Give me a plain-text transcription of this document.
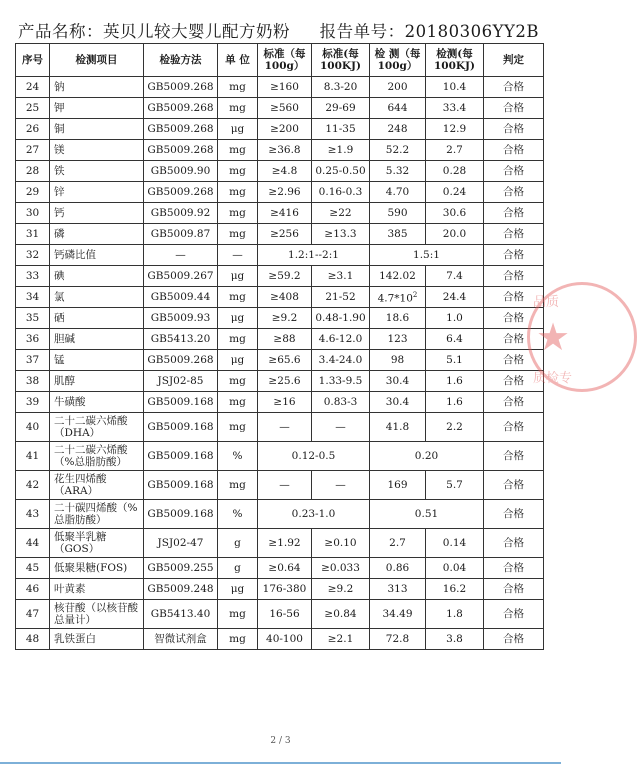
产品名称：英贝儿较大婴儿配方奶粉 报告单号：20180306YY2B
序号	检测项目	检验方法	单 位	标准（每100g）	标准(每100KJ)	检 测（每100g）	检测(每100KJ)	判定
24	钠	GB5009.268	mg	≥160	8.3-20	200	10.4	合格
25	钾	GB5009.268	mg	≥560	29-69	644	33.4	合格
26	铜	GB5009.268	μg	≥200	11-35	248	12.9	合格
27	镁	GB5009.268	mg	≥36.8	≥1.9	52.2	2.7	合格
28	铁	GB5009.90	mg	≥4.8	0.25-0.50	5.32	0.28	合格
29	锌	GB5009.268	mg	≥2.96	0.16-0.3	4.70	0.24	合格
30	钙	GB5009.92	mg	≥416	≥22	590	30.6	合格
31	磷	GB5009.87	mg	≥256	≥13.3	385	20.0	合格
32	钙磷比值	—	—	1.2:1--2:1		1.5:1		合格
33	碘	GB5009.267	μg	≥59.2	≥3.1	142.02	7.4	合格
34	氯	GB5009.44	mg	≥408	21-52	$4.7*10^2$	24.4	合格
35	硒	GB5009.93	μg	≥9.2	0.48-1.90	18.6	1.0	合格
36	胆碱	GB5413.20	mg	≥88	4.6-12.0	123	6.4	合格
37	锰	GB5009.268	μg	≥65.6	3.4-24.0	98	5.1	合格
38	肌醇	JSJ02-85	mg	≥25.6	1.33-9.5	30.4	1.6	合格
39	牛磺酸	GB5009.168	mg	≥16	0.83-3	30.4	1.6	合格
40	二十二碳六烯酸（DHA）	GB5009.168	mg	—	—	41.8	2.2	合格
41	二十二碳六烯酸（%总脂肪酸）	GB5009.168	%	0.12-0.5		0.20		合格
42	花生四烯酸（ARA）	GB5009.168	mg	—	—	169	5.7	合格
43	二十碳四烯酸（%总脂肪酸）	GB5009.168	%	0.23-1.0		0.51		合格
44	低聚半乳糖（GOS）	JSJ02-47	g	≥1.92	≥0.10	2.7	0.14	合格
45	低聚果糖(FOS)	GB5009.255	g	≥0.64	≥0.033	0.86	0.04	合格
46	叶黄素	GB5009.248	μg	176-380	≥9.2	313	16.2	合格
47	核苷酸（以核苷酸总量计）	GB5413.40	mg	16-56	≥0.84	34.49	1.8	合格
48	乳铁蛋白	智微试剂盒	mg	40-100	≥2.1	72.8	3.8	合格
品质
★
质检专
2 / 3
